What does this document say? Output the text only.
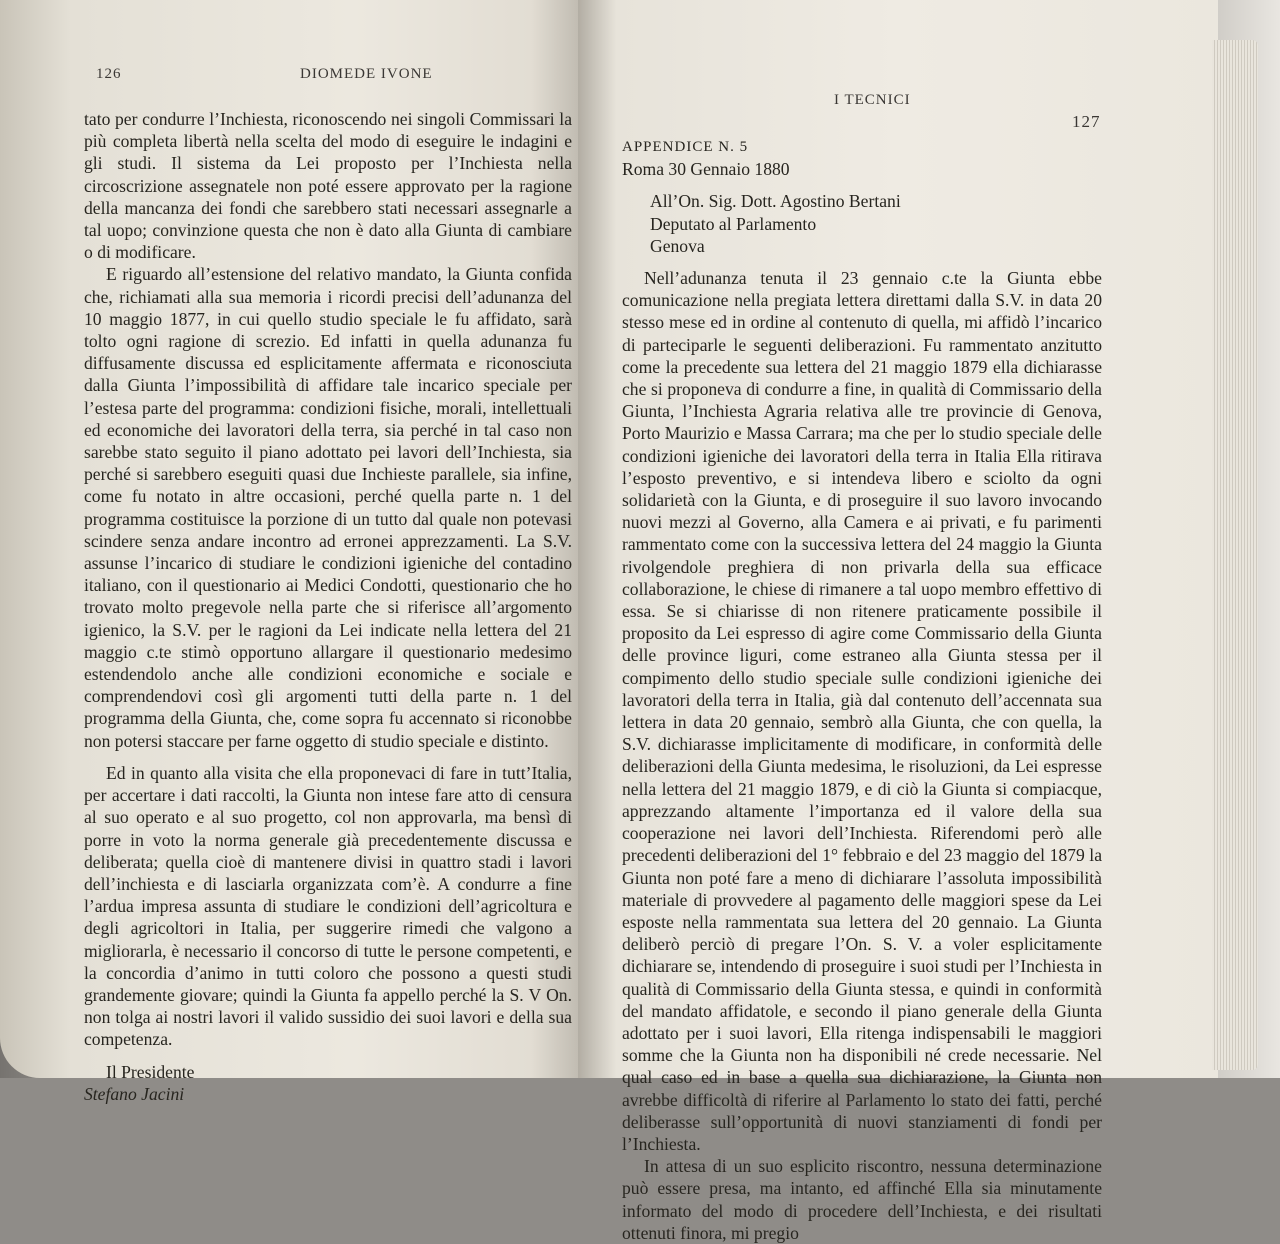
126	DIOMEDE IVONE

tato per condurre l’Inchiesta, riconoscendo nei singoli Commissari la più completa libertà nella scelta del modo di eseguire le indagini e gli studi. Il sistema da Lei proposto per l’Inchiesta nella circoscrizione assegnatele non poté essere approvato per la ragione della mancanza dei fondi che sarebbero stati necessari assegnarle a tal uopo; convinzione questa che non è dato alla Giunta di cambiare o di modificare.

E riguardo all’estensione del relativo mandato, la Giunta confida che, richiamati alla sua memoria i ricordi precisi dell’adunanza del 10 maggio 1877, in cui quello studio speciale le fu affidato, sarà tolto ogni ragione di screzio. Ed infatti in quella adunanza fu diffusamente discussa ed esplicitamente affermata e riconosciuta dalla Giunta l’impossibilità di affidare tale incarico speciale per l’estesa parte del programma: condizioni fisiche, morali, intellettuali ed economiche dei lavoratori della terra, sia perché in tal caso non sarebbe stato seguito il piano adottato pei lavori dell’Inchiesta, sia perché si sarebbero eseguiti quasi due Inchieste parallele, sia infine, come fu notato in altre occasioni, perché quella parte n. 1 del programma costituisce la porzione di un tutto dal quale non potevasi scindere senza andare incontro ad erronei apprezzamenti. La S.V. assunse l’incarico di studiare le condizioni igieniche del contadino italiano, con il questionario ai Medici Condotti, questionario che ho trovato molto pregevole nella parte che si riferisce all’argomento igienico, la S.V. per le ragioni da Lei indicate nella lettera del 21 maggio c.te stimò opportuno allargare il questionario medesimo estendendolo anche alle condizioni economiche e sociale e comprendendovi così gli argomenti tutti della parte n. 1 del programma della Giunta, che, come sopra fu accennato si riconobbe non potersi staccare per farne oggetto di studio speciale e distinto.

Ed in quanto alla visita che ella proponevaci di fare in tutt’Italia, per accertare i dati raccolti, la Giunta non intese fare atto di censura al suo operato e al suo progetto, col non approvarla, ma bensì di porre in voto la norma generale già precedentemente discussa e deliberata; quella cioè di mantenere divisi in quattro stadi i lavori dell’inchiesta e di lasciarla organizzata com’è. A condurre a fine l’ardua impresa assunta di studiare le condizioni dell’agricoltura e degli agricoltori in Italia, per suggerire rimedi che valgono a migliorarla, è necessario il concorso di tutte le persone competenti, e la concordia d’animo in tutti coloro che possono a questi studi grandemente giovare; quindi la Giunta fa appello perché la S. V On. non tolga ai nostri lavori il valido sussidio dei suoi lavori e della sua competenza.

Il Presidente

Stefano Jacini

I TECNICI
127

APPENDICE N. 5

Roma 30 Gennaio 1880

All’On. Sig. Dott. Agostino Bertani

Deputato al Parlamento

Genova

Nell’adunanza tenuta il 23 gennaio c.te la Giunta ebbe comunicazione nella pregiata lettera direttami dalla S.V. in data 20 stesso mese ed in ordine al contenuto di quella, mi affidò l’incarico di parteciparle le seguenti deliberazioni. Fu rammentato anzitutto come la precedente sua lettera del 21 maggio 1879 ella dichiarasse che si proponeva di condurre a fine, in qualità di Commissario della Giunta, l’Inchiesta Agraria relativa alle tre provincie di Genova, Porto Maurizio e Massa Carrara; ma che per lo studio speciale delle condizioni igieniche dei lavoratori della terra in Italia Ella ritirava l’esposto preventivo, e si intendeva libero e sciolto da ogni solidarietà con la Giunta, e di proseguire il suo lavoro invocando nuovi mezzi al Governo, alla Camera e ai privati, e fu parimenti rammentato come con la successiva lettera del 24 maggio la Giunta rivolgendole preghiera di non privarla della sua efficace collaborazione, le chiese di rimanere a tal uopo membro effettivo di essa. Se si chiarisse di non ritenere praticamente possibile il proposito da Lei espresso di agire come Commissario della Giunta delle province liguri, come estraneo alla Giunta stessa per il compimento dello studio speciale sulle condizioni igieniche dei lavoratori della terra in Italia, già dal contenuto dell’accennata sua lettera in data 20 gennaio, sembrò alla Giunta, che con quella, la S.V. dichiarasse implicitamente di modificare, in conformità delle deliberazioni della Giunta medesima, le risoluzioni, da Lei espresse nella lettera del 21 maggio 1879, e di ciò la Giunta si compiacque, apprezzando altamente l’importanza ed il valore della sua cooperazione nei lavori dell’Inchiesta. Riferendomi però alle precedenti deliberazioni del 1° febbraio e del 23 maggio del 1879 la Giunta non poté fare a meno di dichiarare l’assoluta impossibilità materiale di provvedere al pagamento delle maggiori spese da Lei esposte nella rammentata sua lettera del 20 gennaio. La Giunta deliberò perciò di pregare l’On. S. V. a voler esplicitamente dichiarare se, intendendo di proseguire i suoi studi per l’Inchiesta in qualità di Commissario della Giunta stessa, e quindi in conformità del mandato affidatole, e secondo il piano generale della Giunta adottato per i suoi lavori, Ella ritenga indispensabili le maggiori somme che la Giunta non ha disponibili né crede necessarie. Nel qual caso ed in base a quella sua dichiarazione, la Giunta non avrebbe difficoltà di riferire al Parlamento lo stato dei fatti, perché deliberasse sull’opportunità di nuovi stanziamenti di fondi per l’Inchiesta.

In attesa di un suo esplicito riscontro, nessuna determinazione può essere presa, ma intanto, ed affinché Ella sia minutamente informato del modo di procedere dell’Inchiesta, e dei risultati ottenuti finora, mi pregio
